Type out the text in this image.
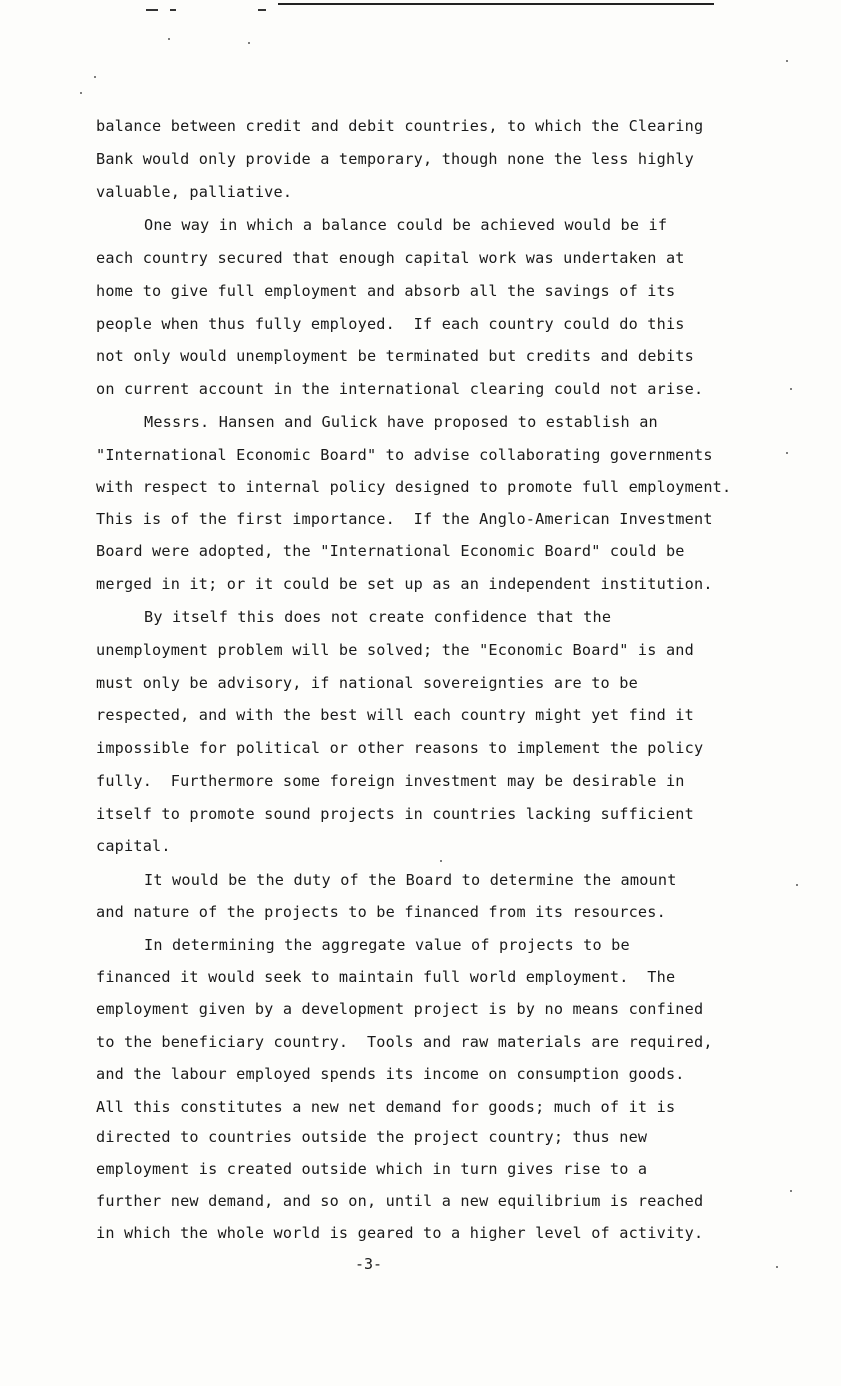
balance between credit and debit countries, to which the Clearing
Bank would only provide a temporary, though none the less highly
valuable, palliative.
One way in which a balance could be achieved would be if
each country secured that enough capital work was undertaken at
home to give full employment and absorb all the savings of its
people when thus fully employed.  If each country could do this
not only would unemployment be terminated but credits and debits
on current account in the international clearing could not arise.
Messrs. Hansen and Gulick have proposed to establish an
"International Economic Board" to advise collaborating governments
with respect to internal policy designed to promote full employment.
This is of the first importance.  If the Anglo-American Investment
Board were adopted, the "International Economic Board" could be
merged in it; or it could be set up as an independent institution.
By itself this does not create confidence that the
unemployment problem will be solved; the "Economic Board" is and
must only be advisory, if national sovereignties are to be
respected, and with the best will each country might yet find it
impossible for political or other reasons to implement the policy
fully.  Furthermore some foreign investment may be desirable in
itself to promote sound projects in countries lacking sufficient
capital.
It would be the duty of the Board to determine the amount
and nature of the projects to be financed from its resources.
In determining the aggregate value of projects to be
financed it would seek to maintain full world employment.  The
employment given by a development project is by no means confined
to the beneficiary country.  Tools and raw materials are required,
and the labour employed spends its income on consumption goods.
All this constitutes a new net demand for goods; much of it is
directed to countries outside the project country; thus new
employment is created outside which in turn gives rise to a
further new demand, and so on, until a new equilibrium is reached
in which the whole world is geared to a higher level of activity.
-3-
